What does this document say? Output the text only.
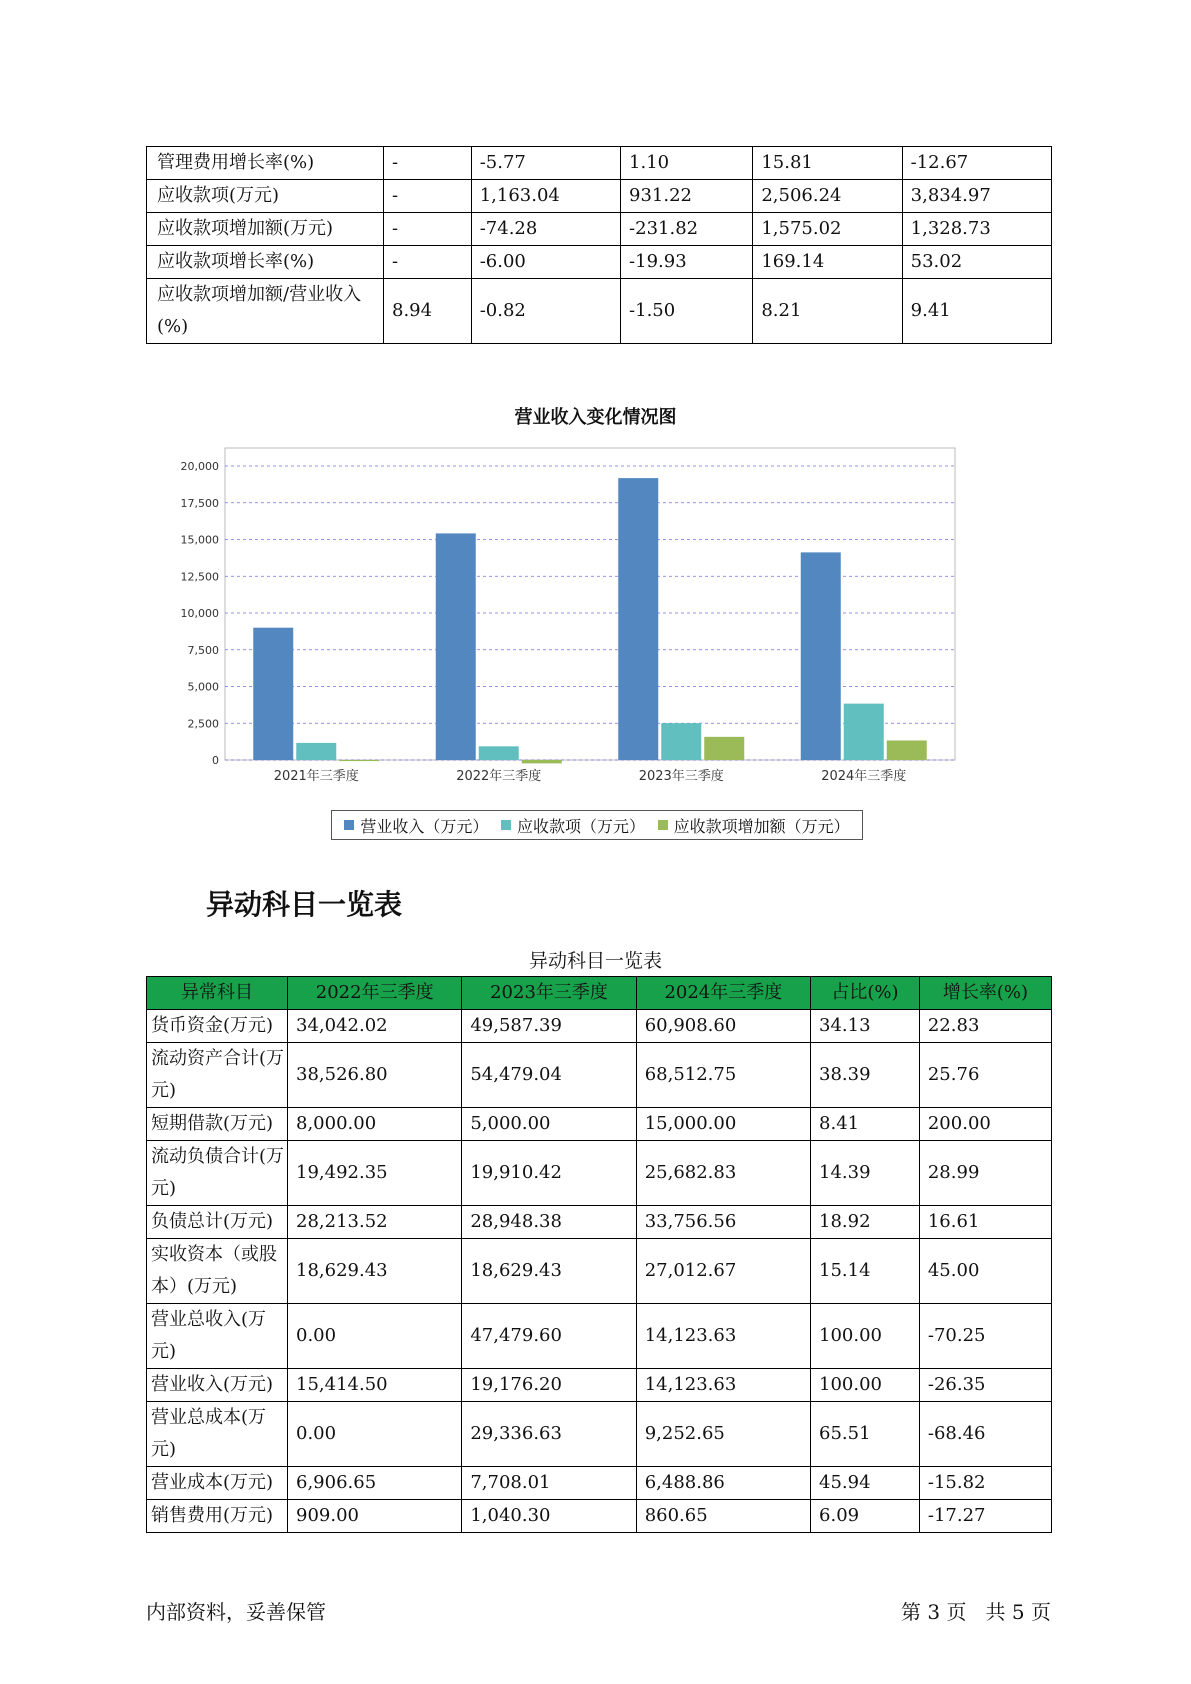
管理费用增长率(%)	-	-5.77	1.10	15.81	-12.67
应收款项(万元)	-	1,163.04	931.22	2,506.24	3,834.97
应收款项增加额(万元)	-	-74.28	-231.82	1,575.02	1,328.73
应收款项增长率(%)	-	-6.00	-19.93	169.14	53.02
应收款项增加额/营业收入(%)	8.94	-0.82	-1.50	8.21	9.41
营业收入变化情况图
20,000
17,500
15,000
12,500
10,000
7,500
5,000
2,500
0
2021年三季度	2022年三季度	2023年三季度	2024年三季度
营业收入（万元） 应收款项（万元） 应收款项增加额（万元）
异动科目一览表
异动科目一览表
异常科目	2022年三季度	2023年三季度	2024年三季度	占比(%)	增长率(%)
货币资金(万元)	34,042.02	49,587.39	60,908.60	34.13	22.83
流动资产合计(万元)	38,526.80	54,479.04	68,512.75	38.39	25.76
短期借款(万元)	8,000.00	5,000.00	15,000.00	8.41	200.00
流动负债合计(万元)	19,492.35	19,910.42	25,682.83	14.39	28.99
负债总计(万元)	28,213.52	28,948.38	33,756.56	18.92	16.61
实收资本（或股本）(万元)	18,629.43	18,629.43	27,012.67	15.14	45.00
营业总收入(万元)	0.00	47,479.60	14,123.63	100.00	-70.25
营业收入(万元)	15,414.50	19,176.20	14,123.63	100.00	-26.35
营业总成本(万元)	0.00	29,336.63	9,252.65	65.51	-68.46
营业成本(万元)	6,906.65	7,708.01	6,488.86	45.94	-15.82
销售费用(万元)	909.00	1,040.30	860.65	6.09	-17.27
内部资料，妥善保管	第 3 页   共 5 页
